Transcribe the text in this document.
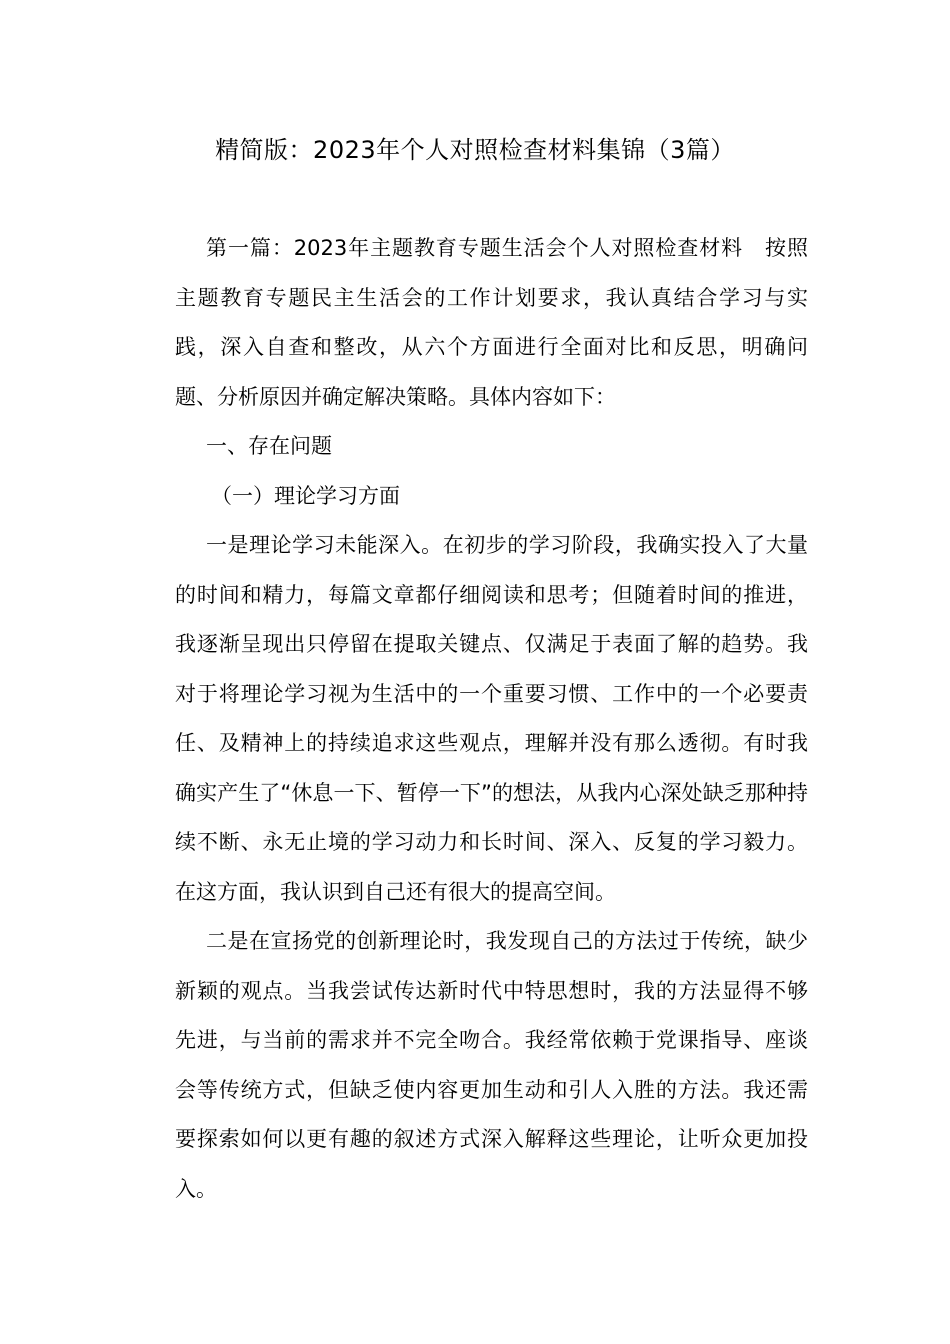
精简版：2023年个人对照检查材料集锦（3篇）
第一篇：2023年主题教育专题生活会个人对照检查材料　按照
主题教育专题民主生活会的工作计划要求，我认真结合学习与实
践，深入自查和整改，从六个方面进行全面对比和反思，明确问
题、分析原因并确定解决策略。具体内容如下：
一、存在问题
（一）理论学习方面
一是理论学习未能深入。在初步的学习阶段，我确实投入了大量
的时间和精力，每篇文章都仔细阅读和思考；但随着时间的推进，
我逐渐呈现出只停留在提取关键点、仅满足于表面了解的趋势。我
对于将理论学习视为生活中的一个重要习惯、工作中的一个必要责
任、及精神上的持续追求这些观点，理解并没有那么透彻。有时我
确实产生了“休息一下、暂停一下”的想法，从我内心深处缺乏那种持
续不断、永无止境的学习动力和长时间、深入、反复的学习毅力。
在这方面，我认识到自己还有很大的提高空间。
二是在宣扬党的创新理论时，我发现自己的方法过于传统，缺少
新颖的观点。当我尝试传达新时代中特思想时，我的方法显得不够
先进，与当前的需求并不完全吻合。我经常依赖于党课指导、座谈
会等传统方式，但缺乏使内容更加生动和引人入胜的方法。我还需
要探索如何以更有趣的叙述方式深入解释这些理论，让听众更加投
入。
